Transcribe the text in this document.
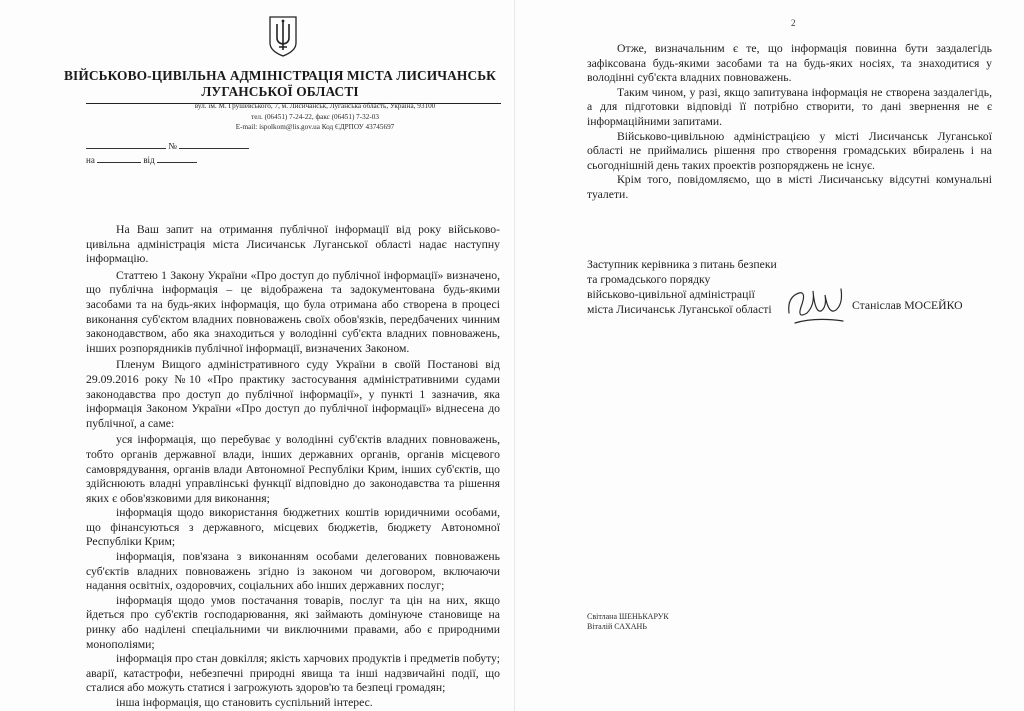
ВІЙСЬКОВО-ЦИВІЛЬНА АДМІНІСТРАЦІЯ МІСТА ЛИСИЧАНСЬК
ЛУГАНСЬКОЇ ОБЛАСТІ
вул. ім. М. Грушевського, 7, м. Лисичанськ, Луганська область, Україна, 93100
тел. (06451) 7-24-22, факс (06451) 7-32-03
E-mail: ispolkom@lis.gov.ua Код ЄДРПОУ 43745697
№
на	від

На Ваш запит на отримання публічної інформації від року військово-цивільна адміністрація міста Лисичанськ Луганської області надає наступну інформацію.

Статтею 1 Закону України «Про доступ до публічної інформації» визначено, що публічна інформація – це відображена та задокументована будь-якими засобами та на будь-яких інформація, що була отримана або створена в процесі виконання суб'єктом владних повноважень своїх обов'язків, передбачених чинним законодавством, або яка знаходиться у володінні суб'єкта владних повноважень, інших розпорядників публічної інформації, визначених Законом.

Пленум Вищого адміністративного суду України в своїй Постанові від 29.09.2016 року №10 «Про практику застосування адміністративними судами законодавства про доступ до публічної інформації», у пункті 1 зазначив, яка інформація Законом України «Про доступ до публічної інформації» віднесена до публічної, а саме:

уся інформація, що перебуває у володінні суб'єктів владних повноважень, тобто органів державної влади, інших державних органів, органів місцевого самоврядування, органів влади Автономної Республіки Крим, інших суб'єктів, що здійснюють владні управлінські функції відповідно до законодавства та рішення яких є обов'язковими для виконання;

інформація щодо використання бюджетних коштів юридичними особами, що фінансуються з державного, місцевих бюджетів, бюджету Автономної Республіки Крим;

інформація, пов'язана з виконанням особами делегованих повноважень суб'єктів владних повноважень згідно із законом чи договором, включаючи надання освітніх, оздоровчих, соціальних або інших державних послуг;

інформація щодо умов постачання товарів, послуг та цін на них, якщо йдеться про суб'єктів господарювання, які займають домінуюче становище на ринку або наділені спеціальними чи виключними правами, або є природними монополіями;

інформація про стан довкілля; якість харчових продуктів і предметів побуту; аварії, катастрофи, небезпечні природні явища та інші надзвичайні події, що сталися або можуть статися і загрожують здоров'ю та безпеці громадян;

інша інформація, що становить суспільний інтерес.

2

Отже, визначальним є те, що інформація повинна бути заздалегідь зафіксована будь-якими засобами та на будь-яких носіях, та знаходитися у володінні суб'єкта владних повноважень.

Таким чином, у разі, якщо запитувана інформація не створена заздалегідь, а для підготовки відповіді її потрібно створити, то дані звернення не є інформаційними запитами.

Військово-цивільною адміністрацією у місті Лисичанськ Луганської області не приймались рішення про створення громадських вбиралень і на сьогоднішній день таких проектів розпоряджень не існує.

Крім того, повідомляємо, що в місті Лисичанську відсутні комунальні туалети.

Заступник керівника з питань безпеки
та громадського порядку
військово-цивільної адміністрації
міста Лисичанськ Луганської області	Станіслав МОСЕЙКО
Світлана ШЕНЬКАРУК
Віталій САХАНЬ
